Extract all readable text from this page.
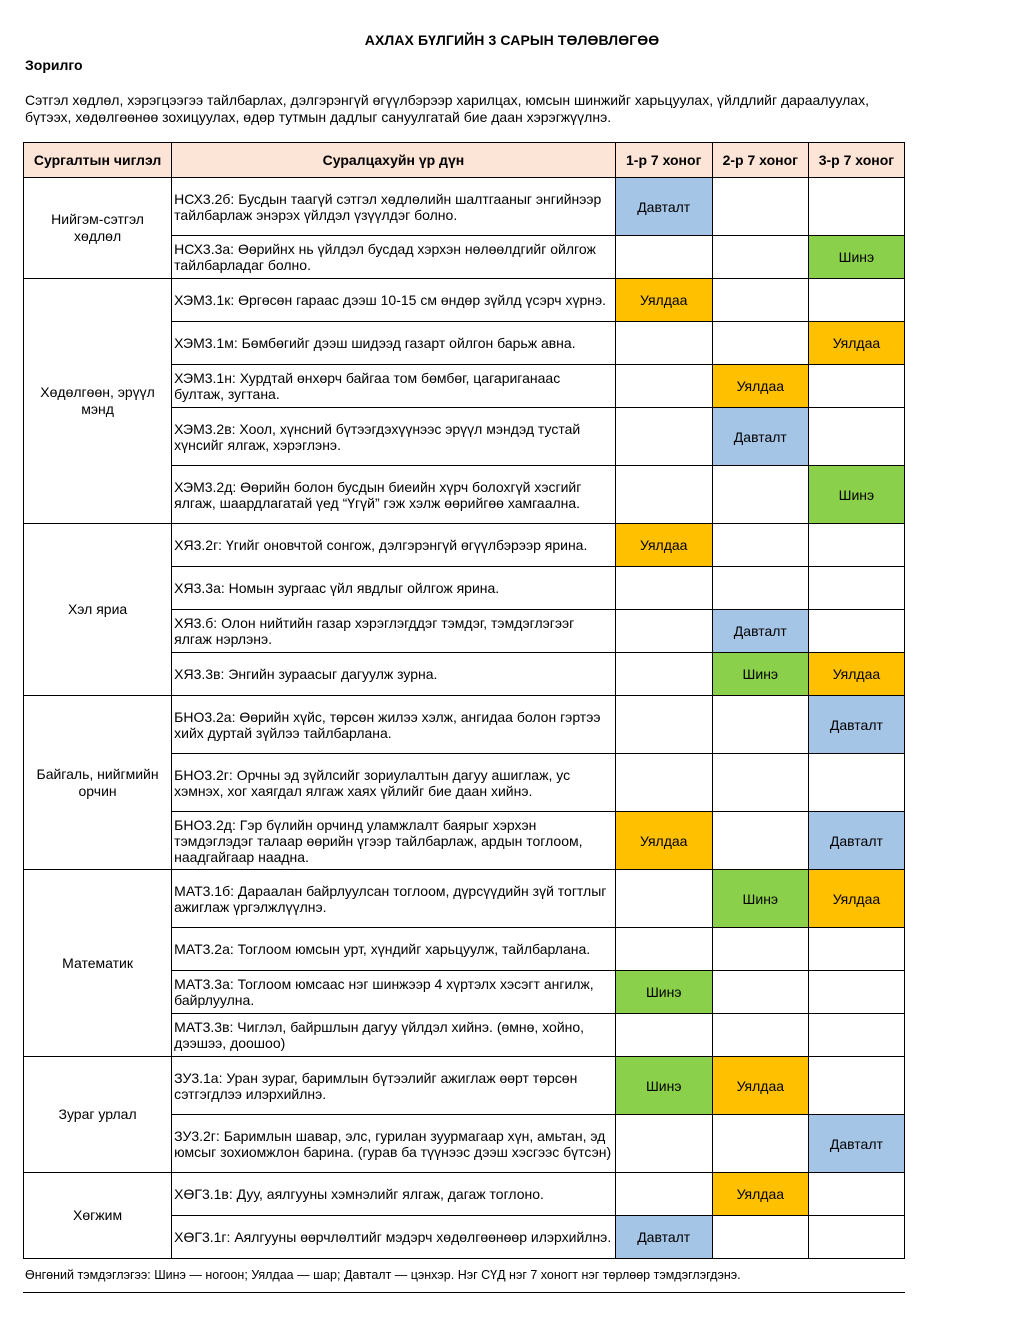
АХЛАХ БҮЛГИЙН 3 САРЫН ТӨЛӨВЛӨГӨӨ
Зорилго
Сэтгэл хөдлөл, хэрэгцээгээ тайлбарлах, дэлгэрэнгүй өгүүлбэрээр харилцах, юмсын шинжийг харьцуулах, үйлдлийг дараалуулах, бүтээх, хөдөлгөөнөө зохицуулах, өдөр тутмын дадлыг сануулгатай бие даан хэрэгжүүлнэ.
Сургалтын чиглэл	Суралцахуйн үр дүн	1-р 7 хоног	2-р 7 хоног	3-р 7 хоног
Нийгэм-сэтгэл хөдлөл	НСХ3.2б: Бусдын таагүй сэтгэл хөдлөлийн шалтгааныг энгийнээр тайлбарлаж энэрэх үйлдэл үзүүлдэг болно.	Давталт		
	НСХ3.3а: Өөрийнх нь үйлдэл бусдад хэрхэн нөлөөлдгийг ойлгож тайлбарладаг болно.			Шинэ
Хөдөлгөөн, эрүүл мэнд	ХЭМ3.1к: Өргөсөн гараас дээш 10-15 см өндөр зүйлд үсэрч хүрнэ.	Уялдаа		
	ХЭМ3.1м: Бөмбөгийг дээш шидээд газарт ойлгон барьж авна.			Уялдаа
	ХЭМ3.1н: Хурдтай өнхөрч байгаа том бөмбөг, цагариганаас бултаж, зугтана.		Уялдаа	
	ХЭМ3.2в: Хоол, хүнсний бүтээгдэхүүнээс эрүүл мэндэд тустай хүнсийг ялгаж, хэрэглэнэ.		Давталт	
	ХЭМ3.2д: Өөрийн болон бусдын биеийн хүрч болохгүй хэсгийг ялгаж, шаардлагатай үед “Үгүй” гэж хэлж өөрийгөө хамгаална.			Шинэ
Хэл яриа	ХЯ3.2г: Үгийг оновчтой сонгож, дэлгэрэнгүй өгүүлбэрээр ярина.	Уялдаа		
	ХЯ3.3а: Номын зургаас үйл явдлыг ойлгож ярина.			
	ХЯ3.б: Олон нийтийн газар хэрэглэгддэг тэмдэг, тэмдэглэгээг ялгаж нэрлэнэ.		Давталт	
	ХЯ3.3в: Энгийн зураасыг дагуулж зурна.		Шинэ	Уялдаа
Байгаль, нийгмийн орчин	БНО3.2а: Өөрийн хүйс, төрсөн жилээ хэлж, ангидаа болон гэртээ хийх дуртай зүйлээ тайлбарлана.			Давталт
	БНО3.2г: Орчны эд зүйлсийг зориулалтын дагуу ашиглаж, ус хэмнэх, хог хаягдал ялгаж хаях үйлийг бие даан хийнэ.			
	БНО3.2д: Гэр бүлийн орчинд уламжлалт баярыг хэрхэн тэмдэглэдэг талаар өөрийн үгээр тайлбарлаж, ардын тоглоом, наадгайгаар наадна.	Уялдаа		Давталт
Математик	МАТ3.1б: Дараалан байрлуулсан тоглоом, дүрсүүдийн зүй тогтлыг ажиглаж үргэлжлүүлнэ.		Шинэ	Уялдаа
	МАТ3.2а: Тоглоом юмсын урт, хүндийг харьцуулж, тайлбарлана.			
	МАТ3.3а: Тоглоом юмсаас нэг шинжээр 4 хүртэлх хэсэгт ангилж, байрлуулна.	Шинэ		
	МАТ3.3в: Чиглэл, байршлын дагуу үйлдэл хийнэ. (өмнө, хойно, дээшээ, доошоо)			
Зураг урлал	ЗУ3.1а: Уран зураг, баримлын бүтээлийг ажиглаж өөрт төрсөн сэтгэгдлээ илэрхийлнэ.	Шинэ	Уялдаа	
	ЗУ3.2г: Баримлын шавар, элс, гурилан зуурмагаар хүн, амьтан, эд юмсыг зохиомжлон барина. (гурав ба түүнээс дээш хэсгээс бүтсэн)			Давталт
Хөгжим	ХӨГ3.1в: Дуу, аялгууны хэмнэлийг ялгаж, дагаж тоглоно.		Уялдаа	
	ХӨГ3.1г: Аялгууны өөрчлөлтийг мэдэрч хөдөлгөөнөөр илэрхийлнэ.	Давталт		
Өнгөний тэмдэглэгээ: Шинэ — ногоон; Уялдаа — шар; Давталт — цэнхэр. Нэг СҮД нэг 7 хоногт нэг төрлөөр тэмдэглэгдэнэ.
